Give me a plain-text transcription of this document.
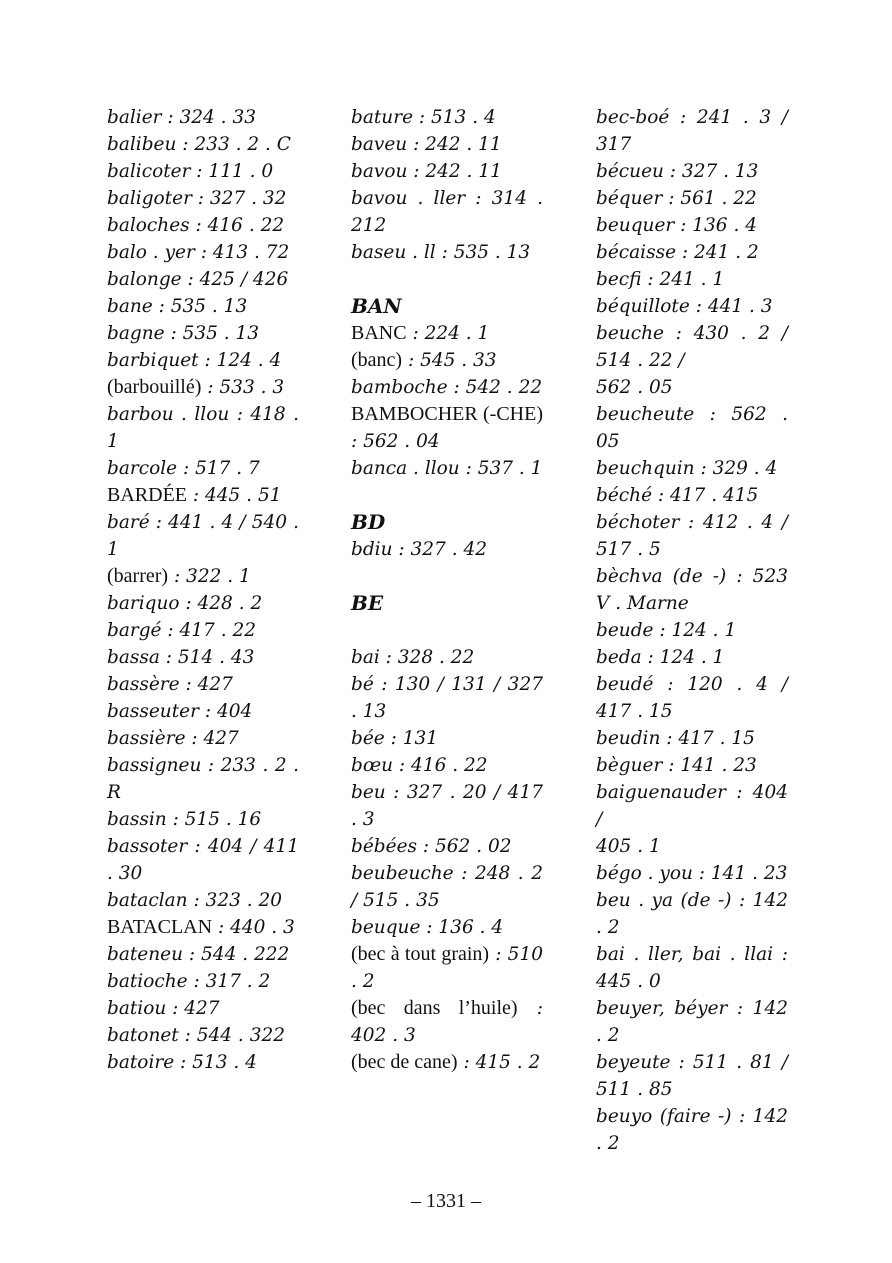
balier : 324 . 33
balibeu : 233 . 2 . C
balicoter : 111 . 0
baligoter : 327 . 32
baloches : 416 . 22
balo . yer : 413 . 72
balonge : 425 / 426
bane : 535 . 13
bagne : 535 . 13
barbiquet : 124 . 4
(barbouillé) : 533 . 3
barbou . llou : 418 . 1
barcole : 517 . 7
BARDÉE : 445 . 51
baré : 441 . 4 / 540 . 1
(barrer) : 322 . 1
bariquo : 428 . 2
bargé : 417 . 22
bassa : 514 . 43
bassère : 427
basseuter : 404
bassière : 427
bassigneu : 233 . 2 . R
bassin : 515 . 16
bassoter : 404 / 411 . 30
bataclan : 323 . 20
BATACLAN : 440 . 3
bateneu : 544 . 222
batioche : 317 . 2
batiou : 427
batonet : 544 . 322
batoire : 513 . 4
bature : 513 . 4
baveu : 242 . 11
bavou : 242 . 11
bavou . ller : 314 . 212
baseu . ll : 535 . 13
BAN
BANC : 224 . 1
(banc) : 545 . 33
bamboche : 542 . 22
BAMBOCHER (-CHE) : 562 . 04
banca . llou : 537 . 1
BD
bdiu : 327 . 42
BE
bai : 328 . 22
bé : 130 / 131 / 327 . 13
bée : 131
bœu : 416 . 22
beu : 327 . 20 / 417 . 3
bébées : 562 . 02
beubeuche : 248 . 2 / 515 . 35
beuque : 136 . 4
(bec à tout grain) : 510 . 2
(bec dans l’huile) : 402 . 3
(bec de cane) : 415 . 2
bec-boé : 241 . 3 / 317
bécueu : 327 . 13
béquer : 561 . 22
beuquer : 136 . 4
bécaisse : 241 . 2
becfi : 241 . 1
béquillote : 441 . 3
beuche : 430 . 2 / 514 . 22 /
562 . 05
beucheute : 562 . 05
beuchquin : 329 . 4
béché : 417 . 415
béchoter : 412 . 4 / 517 . 5
bèchva (de -) : 523 V . Marne
beude : 124 . 1
beda : 124 . 1
beudé : 120 . 4 / 417 . 15
beudin : 417 . 15
bèguer : 141 . 23
baiguenauder : 404 /
405 . 1
bégo . you : 141 . 23
beu . ya (de -) : 142 . 2
bai . ller, bai . llai : 445 . 0
beuyer, béyer : 142 . 2
beyeute : 511 . 81 / 511 . 85
beuyo (faire -) : 142 . 2
– 1331 –
